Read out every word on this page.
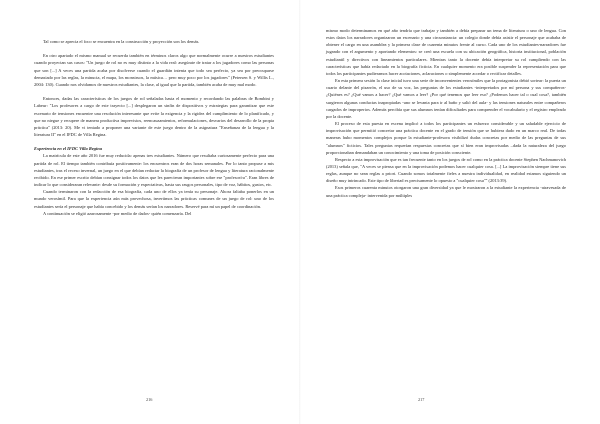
Tal como se aprecia el foco se encuentra en la construcción y proyección son los demás.

En otro apartado el mismo manual se recuerda también en términos claros algo que normalmente ocurre a nuestros estudiantes cuando proyectan sus casos: "Un juego de rol no es muy distinto a la vida real: asegúrate de tratar a los jugadores como las personas que son [...] A veces una partida acaba por disolverse cuando el guardián intenta que todo sea perfecto, ya sea por preocuparse demasiado por las reglas, la minucia, el mapa, los monstruos, la música… pero muy poco por los jugadores" (Petersen S. y Willis L., 2004: 130). Cuando nos olvidamos de nuestros estudiantes, la clase, al igual que la partida, también acaba de muy mal modo.

Entonces, dadas las características de los juegos de rol señaladas hasta el momento y recordando las palabras de Bombini y Labeur: "Los profesores a cargo de este trayecto [...] desplegaron un sinfín de dispositivos y estrategias para garantizar que este escenario de tensiones encuentre una resolución interesante que evite la exigencia y la rigidez del cumplimiento de lo planificado, y que no niegue y recupere de manera productiva imprevistos, reencauzamientos, reformulaciones, desvarios del desarrollo de la propia práctica" (2013: 20). Me vi tentado a proponer una variante de este juego dentro de la asignatura "Enseñanza de la lengua y la literatura II" en el IFDC de Villa Regina.

Experiencia en el IFDC Villa Regina

La matrícula de este año 2016 fue muy reducida: apenas tres estudiantes. Número que resultaba curiosamente perfecto para una partida de rol. El tiempo también contribuía positivamente: los encuentros eran de dos horas semanales. Por lo tanto propuse a mis estudiantes, tras el receso invernal, un juego en el que debían redactar la biografía de un profesor de lengua y literatura racionalmente recibido. En ese primer escrito debían consignar todos los datos que les parecieran importantes sobre ese "profesor/ra". Eran libres de indicar lo que consideraran relevante: desde su formación y expectativas, hasta sus rasgos personales, tipo de voz, hábitos, gustos, etc.

Cuando terminaron con la redacción de esa biografía, cada uno de ellos ya tenía su personaje. Ahora faltaba ponerlos en un mundo verosímil. Para que la experiencia aún más provechosa, invertimos las prácticas comunes de un juego de rol: uno de los estudiantes sería el personaje que había concebido y los demás serían los narradores. Reservé para mí un papel de coordinación.

A continuación se eligió azarosamente -por medio de dados- quién comenzaría. Del

216

mismo modo determinamos en qué año tendría que trabajar y también a debía preparar un tema de literatura o uno de lengua. Con estos datos los narradores organizaron un escenario y una circunstancia: un colegio donde debía asistir el personaje que acababa de obtener el cargo en una asamblea y la primera clase de cuarenta minutos frente al curso. Cada uno de los estudiantes-narradores fue jugando con el argumento y aportando elementos: se creó una escuela con su ubicación geográfica, historia institucional, población estudiantil y directivos con lineamientos particulares. Mientras tanto la docente debía interpretar su rol cumpliendo con las características que había redactado en la biografía ficticia. En cualquier momento era posible suspender la representación para que todos los participantes pudieramos hacer acotaciones, aclaraciones o simplemente acordar o rectificar detalles.

En esta primera sesión la clase inicial tuvo una serie de inconvenientes verosímiles que la protagonista debió sortear: la puerta un cuarto delante del pizarrón, el uso de su voz, las preguntas de los estudiantes -interpretados por mí persona y sus compañeros- ¿Quiénes es? ¿Qué vamos a hacer? ¿Qué vamos a leer? ¿Por qué tenemos que leer eso? ¿Podemos hacer tal o cual cosa?, también surgieron algunas conductas inapropiadas -uno se levanta para ir al baño y salió del aula- y las tensiones naturales entre compañeros cargados de improperios. Además percibía que sus alumnos tenían dificultades para comprender el vocabulario y el registro empleado por la docente.

El proceso de esta puesta en escena implicó a todos los participantes un esfuerzo considerable y un saludable ejercicio de improvisación que permitió concretar una práctica docente en el grado de tensión que se hubiera dado en un marco real. De todas maneras hubo momentos complejos porque la estudiante-profesora visibilizó dudas concretas por medio de las preguntas de sus "alumnos" ficticios. Tales preguntas requerían respuestas concretas que sí bien eran improvisadas –dada la naturaleza del juego proporcionaban demandaban un conocimiento y una toma de posición consciente.

Respecto a esta improvisación que es tan frecuente tanto en los juegos de rol como en la práctica docente Stephen Nachmanovich (2013) señala que, "A veces se piensa que en la improvisación podemos hacer cualquier cosa. [...] La improvisación siempre tiene sus reglas, aunque no sean reglas a priori. Cuando somos totalmente fieles a nuestra individualidad, en realidad estamos siguiendo un diseño muy intrincado. Este tipo de libertad es precisamente lo opuesto a "cualquier cosa"" (2013:39).

Esos primeros cuarenta minutos otorgaron una gran diversidad ya que le mostraron a la estudiante la experiencia -atravesada de una práctica compleja- intervenida por múltiples

217
